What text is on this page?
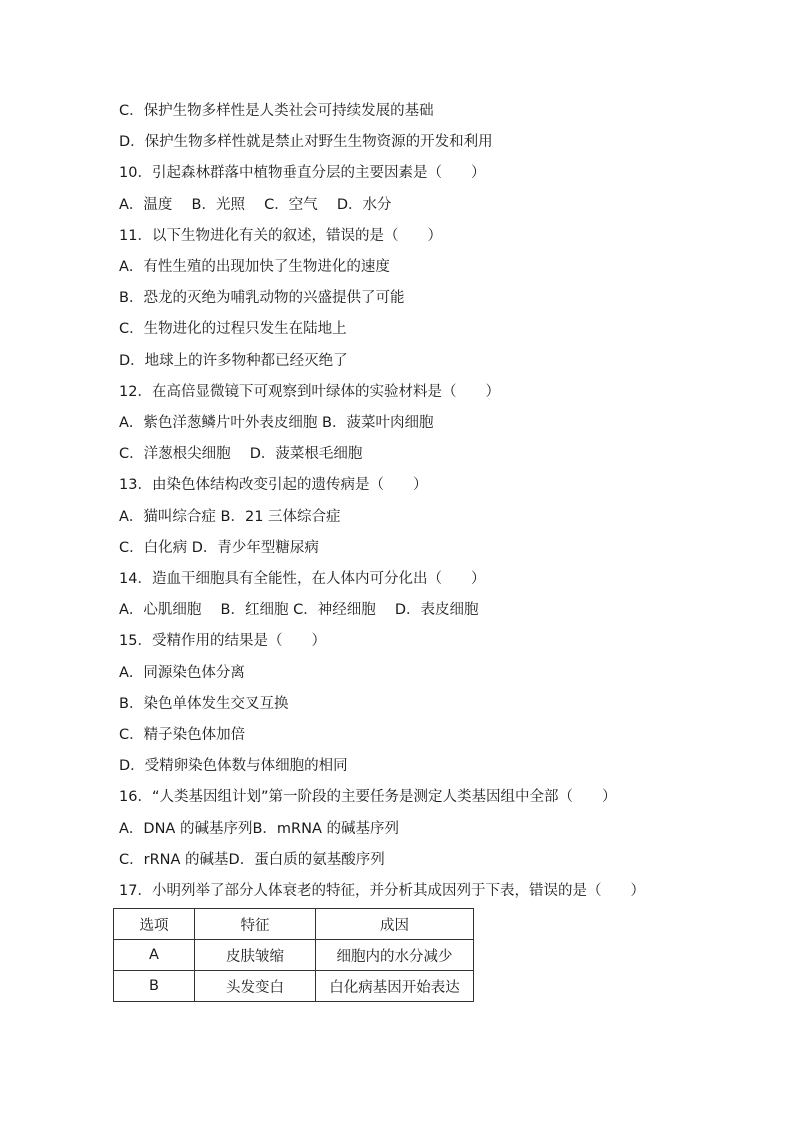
C．保护生物多样性是人类社会可持续发展的基础
D．保护生物多样性就是禁止对野生生物资源的开发和利用
10．引起森林群落中植物垂直分层的主要因素是（　　）
A．温度　 B．光照　 C．空气　 D．水分
11．以下生物进化有关的叙述，错误的是（　　）
A．有性生殖的出现加快了生物进化的速度
B．恐龙的灭绝为哺乳动物的兴盛提供了可能
C．生物进化的过程只发生在陆地上
D．地球上的许多物种都已经灭绝了
12．在高倍显微镜下可观察到叶绿体的实验材料是（　　）
A．紫色洋葱鳞片叶外表皮细胞 B．菠菜叶肉细胞
C．洋葱根尖细胞　 D．菠菜根毛细胞
13．由染色体结构改变引起的遗传病是（　　）
A．猫叫综合症 B．21 三体综合症
C．白化病 D．青少年型糖尿病
14．造血干细胞具有全能性，在人体内可分化出（　　）
A．心肌细胞　 B．红细胞 C．神经细胞　 D．表皮细胞
15．受精作用的结果是（　　）
A．同源染色体分离
B．染色单体发生交叉互换
C．精子染色体加倍
D．受精卵染色体数与体细胞的相同
16．“人类基因组计划”第一阶段的主要任务是测定人类基因组中全部（　　）
A．DNA 的碱基序列B．mRNA 的碱基序列
C．rRNA 的碱基D．蛋白质的氨基酸序列
17．小明列举了部分人体衰老的特征，并分析其成因列于下表，错误的是（　　）
选项	特征	成因
A	皮肤皱缩	细胞内的水分减少
B	头发变白	白化病基因开始表达
